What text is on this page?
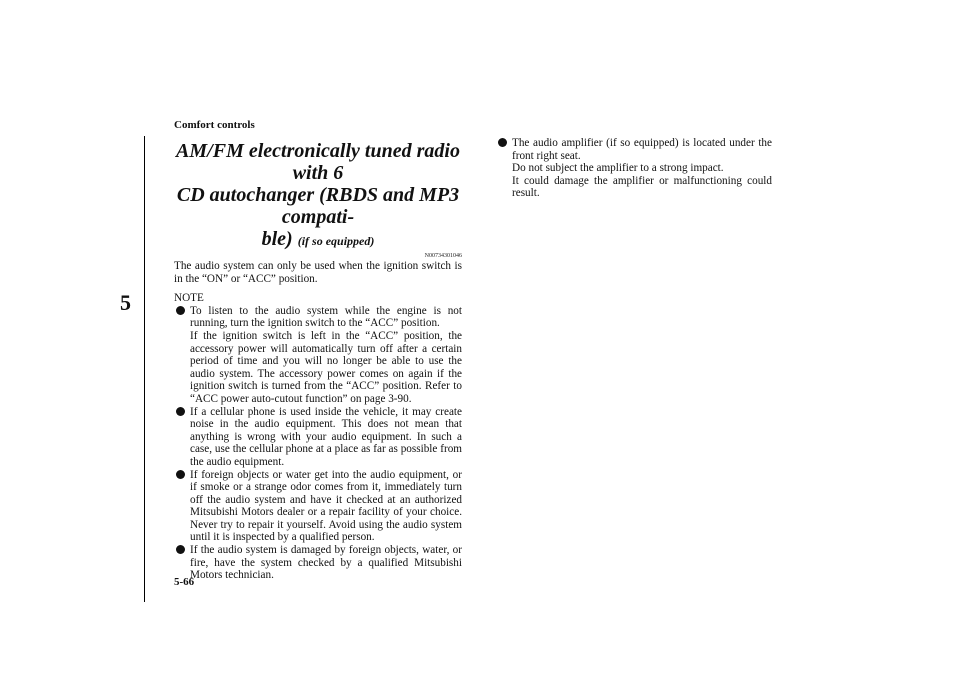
Comfort controls
5
AM/FM electronically tuned radio with 6
CD autochanger (RBDS and MP3 compati-
ble) (if so equipped)
N00734301046

The audio system can only be used when the ignition switch is in the “ON” or “ACC” position.

NOTE

To listen to the audio system while the engine is not running, turn the ignition switch to the “ACC” position.

If the ignition switch is left in the “ACC” position, the accessory power will automatically turn off after a certain period of time and you will no longer be able to use the audio system. The accessory power comes on again if the ignition switch is turned from the “ACC” position. Refer to “ACC power auto-cutout function” on page 3-90.

If a cellular phone is used inside the vehicle, it may create noise in the audio equipment. This does not mean that anything is wrong with your audio equipment. In such a case, use the cellular phone at a place as far as possible from the audio equipment.

If foreign objects or water get into the audio equipment, or if smoke or a strange odor comes from it, immediately turn off the audio system and have it checked at an authorized Mitsubishi Motors dealer or a repair facility of your choice. Never try to repair it yourself. Avoid using the audio system until it is inspected by a qualified person.

If the audio system is damaged by foreign objects, water, or fire, have the system checked by a qualified Mitsubishi Motors technician.

The audio amplifier (if so equipped) is located under the front right seat.

Do not subject the amplifier to a strong impact.

It could damage the amplifier or malfunctioning could result.

5-66
